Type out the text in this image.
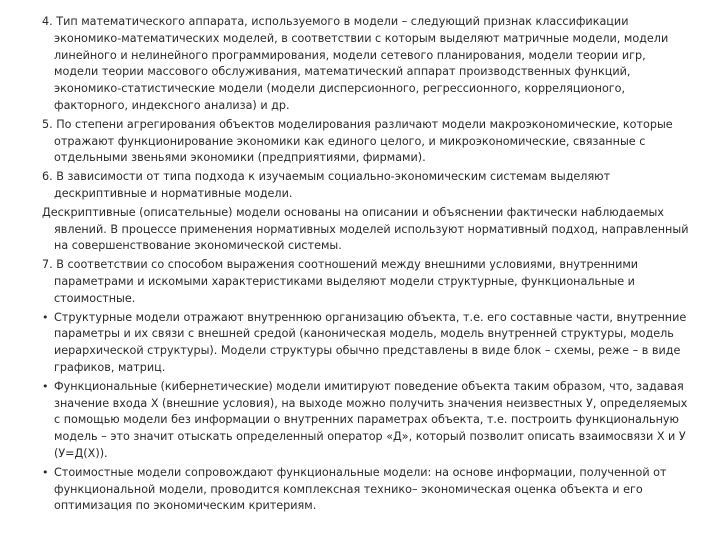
4. Тип математического аппарата, используемого в модели – следующий признак классификации экономико-математических моделей, в соответствии с которым выделяют матричные модели, модели линейного и нелинейного программирования, модели сетевого планирования, модели теории игр, модели теории массового обслуживания, математический аппарат производственных функций, экономико-статистические модели (модели дисперсионного, регрессионного, корреляционого, факторного, индексного анализа) и др.

5. По степени агрегирования объектов моделирования различают модели макроэкономические, которые отражают функционирование экономики как единого целого, и микроэкономические, связанные с отдельными звеньями экономики (предприятиями, фирмами).

6. В зависимости от типа подхода к изучаемым социально-экономическим системам выделяют дескриптивные и нормативные модели.

Дескриптивные (описательные) модели основаны на описании и объяснении фактически наблюдаемых явлений. В процессе применения нормативных моделей используют нормативный подход, направленный на совершенствование экономической системы.

7. В соответствии со способом выражения соотношений между внешними условиями, внутренними параметрами и искомыми характеристиками выделяют модели структурные, функциональные и стоимостные.

• Структурные модели отражают внутреннюю организацию объекта, т.е. его составные части, внутренние параметры и их связи с внешней средой (каноническая модель, модель внутренней структуры, модель иерархической структуры). Модели структуры обычно представлены в виде блок – схемы, реже – в виде графиков, матриц.
• Функциональные (кибернетические) модели имитируют поведение объекта таким образом, что, задавая значение входа Х (внешние условия), на выходе можно получить значения неизвестных У, определяемых с помощью модели без информации о внутренних параметрах объекта, т.е. построить функциональную модель – это значит отыскать определенный оператор «Д», который позволит описать взаимосвязи Х и У (У=Д(Х)).
• Стоимостные модели сопровождают функциональные модели: на основе информации, полученной от функциональной модели, проводится комплексная технико– экономическая оценка объекта и его оптимизация по экономическим критериям.
